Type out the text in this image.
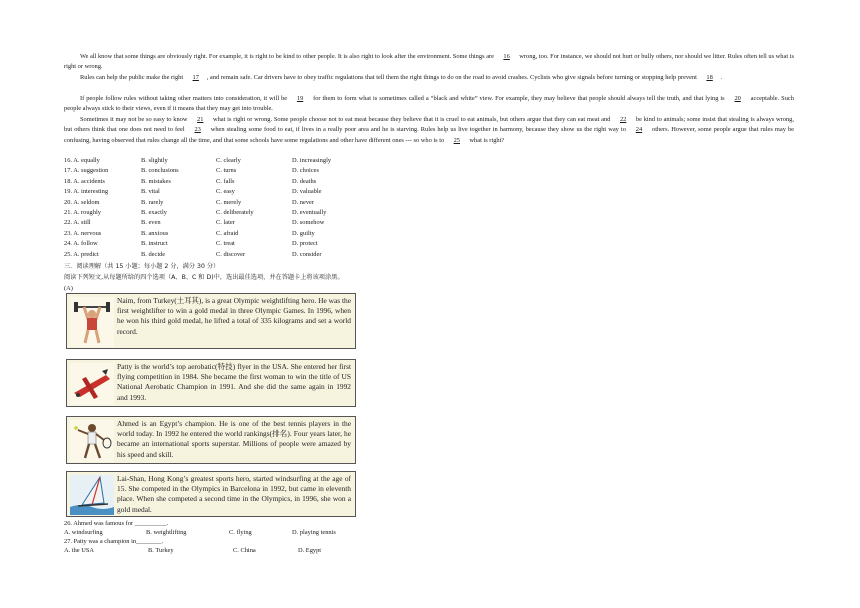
We all know that some things are obviously right. For example, it is right to be kind to other people. It is also right to look after the environment. Some things are 16 wrong, too. For instance, we should not hurt or bully others, nor should we litter. Rules often tell us what is right or wrong.
Rules can help the public make the right 17 , and remain safe. Car drivers have to obey traffic regulations that tell them the right things to do on the road to avoid crashes. Cyclists who give signals before turning or stopping help prevent 18 .
If people follow rules without taking other matters into consideration, it will be 19 for them to form what is sometimes called a “black and white” view. For example, they may believe that people should always tell the truth, and that lying is 20 acceptable. Such people always stick to their views, even if it means that they may get into trouble.
Sometimes it may not be so easy to know 21 what is right or wrong. Some people choose not to eat meat because they believe that it is cruel to eat animals, but others argue that they can eat meat and 22 be kind to animals; some insist that stealing is always wrong, but others think that one does not need to feel 23 when stealing some food to eat, if lives in a really poor area and he is starving. Rules help us live together in harmony, because they show us the right way to 24 others. However, some people argue that rules may be confusing, having observed that rules change all the time, and that some schools have some regulations and other have different ones --- so who is to 25 what is right?
16. A. equally	B. slightly	C. clearly	D. increasingly
17. A. suggestion	B. conclusions	C. turns	D. choices
18. A. accidents	B. mistakes	C. falls	D. deaths
19. A. interesting	B. vital	C. easy	D. valuable
20. A. seldom	B. rarely	C. merely	D. never
21. A. roughly	B. exactly	C. deliberately	D. eventually
22. A. still	B. even	C. later	D. somehow
23. A. nervous	B. anxious	C. afraid	D. guilty
24. A. follow	B. instruct	C. treat	D. protect
25. A. predict	B. decide	C. discover	D. consider
三．阅读理解（共 15 小题；每小题 2 分，满分 30 分）
阅读下列短文,从每题所给的四个选项（A、B、C 和 D)中，选出最佳选项，并在答题卡上将该项涂黑。
(A)
Naim, from Turkey(土耳其), is a great Olympic weightlifting hero. He was the first weightlifter to win a gold medal in three Olympic Games. In 1996, when he won his third gold medal, he lifted a total of 335 kilograms and set a world record.
Patty is the world’s top aerobatic(特技) flyer in the USA. She entered her first flying competition in 1984. She became the first woman to win the title of US National Aerobatic Champion in 1991. And she did the same again in 1992 and 1993.
Ahmed is an Egypt’s champion. He is one of the best tennis players in the world today. In 1992 he entered the world rankings(排名). Four years later, he became an international sports superstar. Millions of people were amazed by his speed and skill.
Lai-Shan, Hong Kong’s greatest sports hero, started windsurfing at the age of 15. She competed in the Olympics in Barcelona in 1992, but came in eleventh place. When she competed a second time in the Olympics, in 1996, she won a gold medal.
26. Ahmed was famous for __________.
A. windsurfing	B. weightlifting	C. flying	D. playing tennis
27. Patty was a champion in________.
A. the USA	B. Turkey	C. China	D. Egypt
